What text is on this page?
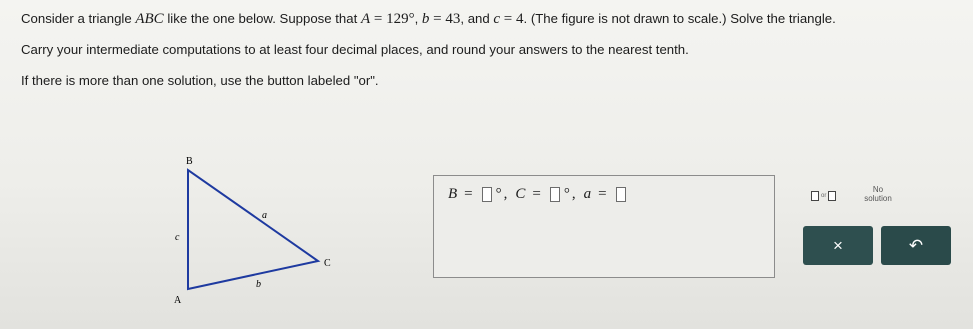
Consider a triangle ABC like the one below. Suppose that A = 129°, b = 43, and c = 4. (The figure is not drawn to scale.) Solve the triangle.

Carry your intermediate computations to at least four decimal places, and round your answers to the nearest tenth.

If there is more than one solution, use the button labeled "or".

B
C
A
a
b
c
B = ° , C = ° , a =	or
No
solution
×	↶
